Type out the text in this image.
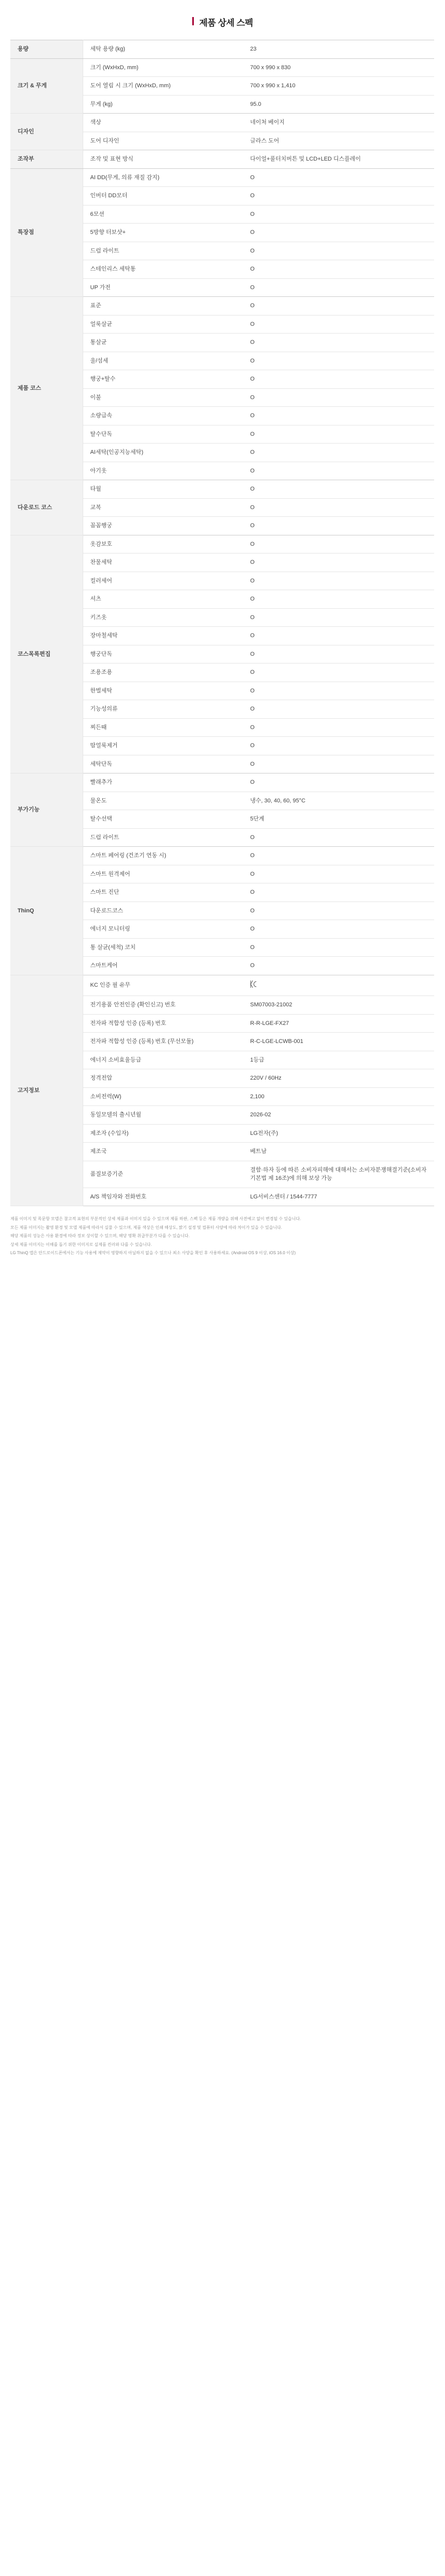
제품 상세 스펙
용량	세탁 용량 (kg)	23
크기 & 무게	크기 (WxHxD, mm)	700 x 990 x 830
	도어 열림 시 크기 (WxHxD, mm)	700 x 990 x 1,410
	무게 (kg)	95.0
디자인	색상	네이처 베이지
	도어 디자인	글라스 도어
조작부	조작 및 표현 방식	다이얼+풀터치버튼 및 LCD+LED 디스플레이
특장점	AI DD(무게, 의류 재질 감지)	O
	인버터 DD모터	O
	6모션	O
	5방향 터보샷+	O
	드럼 라이트	O
	스테인리스 세탁통	O
	UP 가전	O
제품 코스	표준	O
	얼룩살균	O
	통살균	O
	울/섬세	O
	행궁+탈수	O
	이불	O
	소량급속	O
	탈수단독	O
	AI세탁(인공지능세탁)	O
	아기옷	O
다운로드 코스	타월	O
	교복	O
	꼼꼼행궁	O
코스목록편집	옷감보호	O
	찬물세탁	O
	컬러세어	O
	셔츠	O
	키즈옷	O
	장마철세탁	O
	행궁단독	O
	조용조용	O
	한벌세탁	O
	기능성의류	O
	찌든때	O
	땀얼룩제거	O
	세탁단독	O
부가기능	빨래추가	O
	물온도	냉수, 30, 40, 60, 95°C
	탈수선택	5단계
	드럼 라이트	O
ThinQ	스마트 페어링 (건조기 연동 시)	O
	스마트 원격제어	O
	스마트 진단	O
	다운로드코스	O
	에너지 모니터링	O
	통 살균(세척) 코치	O
	스마트케어	O
고지정보	KC 인증 필 유무	

	전기용품 안전인증 (확인신고) 번호	SM07003-21002
	전자파 적합성 인증 (등록) 번호	R-R-LGE-FX27
	전자파 적합성 인증 (등록) 번호 (무선모듈)	R-C-LGE-LCWB-001
	에너지 소비효율등급	1등급
	정격전압	220V / 60Hz
	소비전력(W)	2,100
	동일모델의 출시년월	2026-02
	제조자 (수입자)	LG전자(주)
	제조국	베트남
	품질보증기준	결함·하자 등에 따른 소비자피해에 대해서는 소비자분쟁해결기준(소비자기본법 제 16조)에 의해 보상 가능
	A/S 책임자와 전화번호	LG서비스센터 / 1544-7777

제품 이미지 및 목문항 모델은 참고적 표현의 부분적인 상세 제품과 이미지 있을 수 있으며 제품 하판, 스펙 등은 제품 개량을 위해 사전예고 없이 변경될 수 있습니다.

모든 제품 이미지는 촬영 환경 및 모델 제품에 따라서 실물 수 있으며, 제품 색상은 인쇄 해상도, 밝기 설정 및 컴퓨터 사양에 따라 차이가 있을 수 있습니다.

해당 제품의 성능은 사용 환경에 따라 정보 상이할 수 있으며, 해당 명확 취급부분가 다를 수 있습니다.

상세 제품 이미지는 이해를 돕기 위한 이미지로 실제품 컨러와 다를 수 있습니다.

LG ThinQ 앱은 안드로이드폰에서는 기능 사용에 제약이 영향하지 아닐하지 없을 수 있으나 최소 사양을 확인 후 사용하세요. (Android OS 9 이상, iOS 16.0 이상)
